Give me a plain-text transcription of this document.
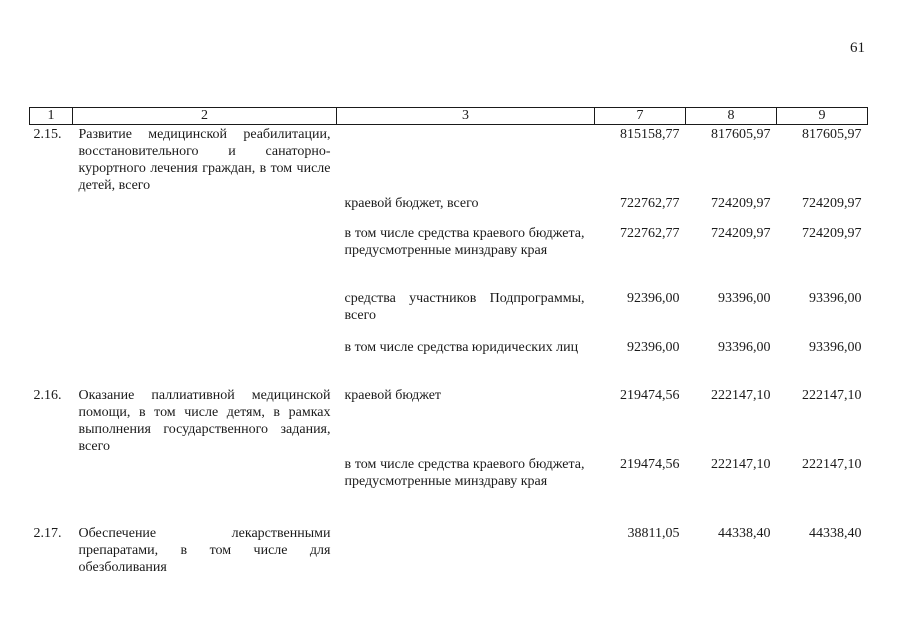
61
1	2	3	7	8	9
2.15.	Развитие медицинской реабилитации, восстановительного и санаторно-курортного лечения граждан, в том числе детей, всего		815158,77	817605,97	817605,97
		краевой бюджет, всего	722762,77	724209,97	724209,97
		в том числе средства краевого бюджета, предусмотренные минздраву края	722762,77	724209,97	724209,97
		средства участников Подпрограммы, всего	92396,00	93396,00	93396,00
		в том числе средства юридических лиц	92396,00	93396,00	93396,00
2.16.	Оказание паллиативной медицинской помощи, в том числе детям, в рамках выполнения государственного задания, всего	краевой бюджет	219474,56	222147,10	222147,10
		в том числе средства краевого бюджета, предусмотренные минздраву края	219474,56	222147,10	222147,10
2.17.	Обеспечение лекарственными препаратами, в том числе для обезболивания		38811,05	44338,40	44338,40
